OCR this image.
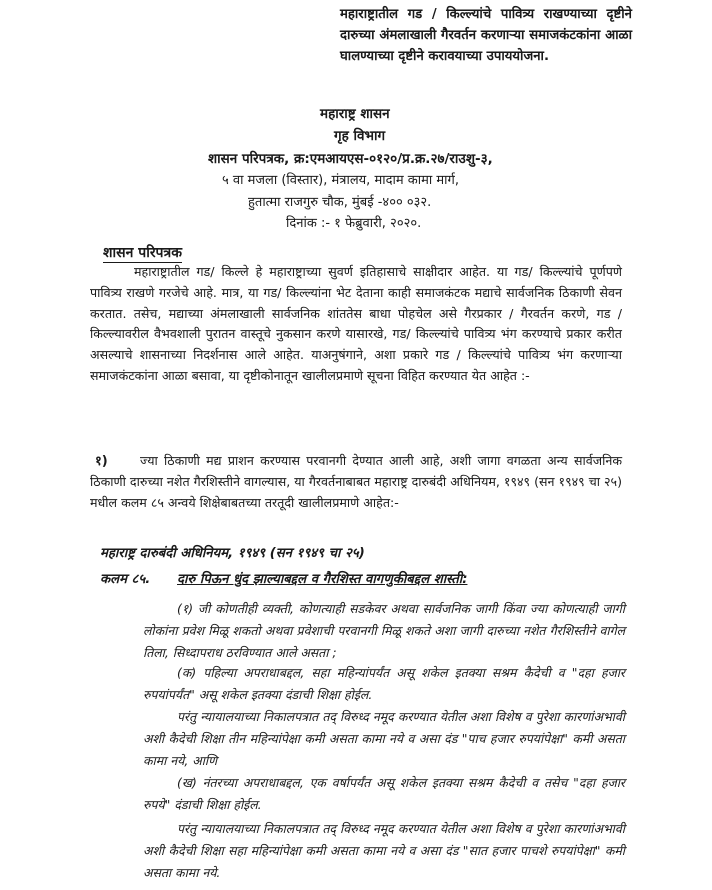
महाराष्ट्रातील गड / किल्ल्यांचे पावित्र्य राखण्याच्या दृष्टीने दारुच्या अंमलाखाली गैरवर्तन करणाऱ्या समाजकंटकांना आळा घालण्याच्या दृष्टीने करावयाच्या उपाययोजना.
महाराष्ट्र शासन
गृह विभाग
शासन परिपत्रक, क्र:एमआयएस-०१२०/प्र.क्र.२७/राउशु-३,
५ वा मजला (विस्तार), मंत्रालय, मादाम कामा मार्ग,
हुतात्मा राजगुरु चौक, मुंबई -४०० ०३२.
दिनांक :- १ फेब्रुवारी, २०२०.
शासन परिपत्रक
महाराष्ट्रातील गड/ किल्ले हे महाराष्ट्राच्या सुवर्ण इतिहासाचे साक्षीदार आहेत. या गड/ किल्ल्यांचे पूर्णपणे पावित्र्य राखणे गरजेचे आहे. मात्र, या गड/ किल्ल्यांना भेट देताना काही समाजकंटक मद्याचे सार्वजनिक ठिकाणी सेवन करतात. तसेच, मद्याच्या अंमलाखाली सार्वजनिक शांततेस बाधा पोहचेल असे गैरप्रकार / गैरवर्तन करणे, गड / किल्ल्यावरील वैभवशाली पुरातन वास्तूचे नुकसान करणे यासारखे, गड/ किल्ल्यांचे पावित्र्य भंग करण्याचे प्रकार करीत असल्याचे शासनाच्या निदर्शनास आले आहेत. याअनुषंगाने, अशा प्रकारे गड / किल्ल्यांचे पावित्र्य भंग करणाऱ्या समाजकंटकांना आळा बसावा, या दृष्टीकोनातून खालीलप्रमाणे सूचना विहित करण्यात येत आहेत :-
१)	ज्या ठिकाणी मद्य प्राशन करण्यास परवानगी देण्यात आली आहे, अशी जागा वगळता अन्य सार्वजनिक ठिकाणी दारुच्या नशेत गैरशिस्तीने वागल्यास, या गैरवर्तनाबाबत महाराष्ट्र दारुबंदी अधिनियम, १९४९ (सन १९४९ चा २५) मधील कलम ८५ अन्वये शिक्षेबाबतच्या तरतूदी खालीलप्रमाणे आहेत:-
महाराष्ट्र दारुबंदी अधिनियम, १९४९ (सन १९४९ चा २५)
कलम ८५. दारु पिऊन धुंद झाल्याबद्दल व गैरशिस्त वागणुकीबद्दल शास्ती:
(१) जी कोणतीही व्यक्ती, कोणत्याही सडकेवर अथवा सार्वजनिक जागी किंवा ज्या कोणत्याही जागी लोकांना प्रवेश मिळू शकतो अथवा प्रवेशाची परवानगी मिळू शकते अशा जागी दारुच्या नशेत गैरशिस्तीने वागेल तिला, सिध्दापराध ठरविण्यात आले असता ;
(क) पहिल्या अपराधाबद्दल, सहा महिन्यांपर्यंत असू शकेल इतक्या सश्रम कैदेची व "दहा हजार रुपयांपर्यंत" असू शकेल इतक्या दंडाची शिक्षा होईल.
परंतु न्यायालयाच्या निकालपत्रात तद् विरुध्द नमूद करण्यात येतील अशा विशेष व पुरेशा कारणांअभावी अशी कैदेची शिक्षा तीन महिन्यांपेक्षा कमी असता कामा नये व असा दंड "पाच हजार रुपयांपेक्षा" कमी असता कामा नये, आणि
(ख) नंतरच्या अपराधाबद्दल, एक वर्षापर्यंत असू शकेल इतक्या सश्रम कैदेची व तसेच "दहा हजार रुपये" दंडाची शिक्षा होईल.
परंतु न्यायालयाच्या निकालपत्रात तद् विरुध्द नमूद करण्यात येतील अशा विशेष व पुरेशा कारणांअभावी अशी कैदेची शिक्षा सहा महिन्यांपेक्षा कमी असता कामा नये व असा दंड "सात हजार पाचशे रुपयांपेक्षा" कमी असता कामा नये.
